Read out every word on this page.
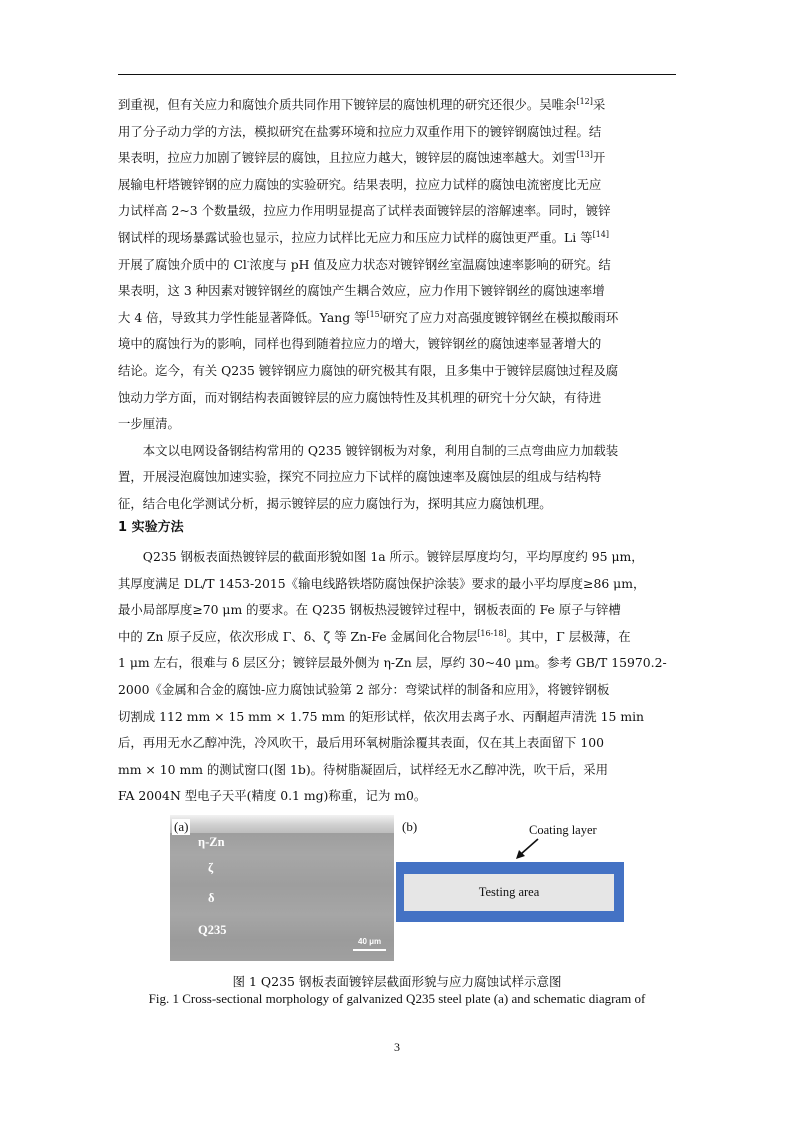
到重视，但有关应力和腐蚀介质共同作用下镀锌层的腐蚀机理的研究还很少。吴唯余[12]采

用了分子动力学的方法，模拟研究在盐雾环境和拉应力双重作用下的镀锌钢腐蚀过程。结

果表明，拉应力加剧了镀锌层的腐蚀，且拉应力越大，镀锌层的腐蚀速率越大。刘雪[13]开

展输电杆塔镀锌钢的应力腐蚀的实验研究。结果表明，拉应力试样的腐蚀电流密度比无应

力试样高 2~3 个数量级，拉应力作用明显提高了试样表面镀锌层的溶解速率。同时，镀锌

钢试样的现场暴露试验也显示，拉应力试样比无应力和压应力试样的腐蚀更严重。Li 等[14]

开展了腐蚀介质中的 Cl-浓度与 pH 值及应力状态对镀锌钢丝室温腐蚀速率影响的研究。结

果表明，这 3 种因素对镀锌钢丝的腐蚀产生耦合效应，应力作用下镀锌钢丝的腐蚀速率增

大 4 倍，导致其力学性能显著降低。Yang 等[15]研究了应力对高强度镀锌钢丝在模拟酸雨环

境中的腐蚀行为的影响，同样也得到随着拉应力的增大，镀锌钢丝的腐蚀速率显著增大的

结论。迄今，有关 Q235 镀锌钢应力腐蚀的研究极其有限，且多集中于镀锌层腐蚀过程及腐

蚀动力学方面，而对钢结构表面镀锌层的应力腐蚀特性及其机理的研究十分欠缺，有待进

一步厘清。

本文以电网设备钢结构常用的 Q235 镀锌钢板为对象，利用自制的三点弯曲应力加载装

置，开展浸泡腐蚀加速实验，探究不同拉应力下试样的腐蚀速率及腐蚀层的组成与结构特

征，结合电化学测试分析，揭示镀锌层的应力腐蚀行为，探明其应力腐蚀机理。

1 实验方法

Q235 钢板表面热镀锌层的截面形貌如图 1a 所示。镀锌层厚度均匀，平均厚度约 95 μm，

其厚度满足 DL/T 1453-2015《输电线路铁塔防腐蚀保护涂装》要求的最小平均厚度≥86 μm，

最小局部厚度≥70 μm 的要求。在 Q235 钢板热浸镀锌过程中，钢板表面的 Fe 原子与锌槽

中的 Zn 原子反应，依次形成 Γ、δ、ζ 等 Zn-Fe 金属间化合物层[16-18]。其中，Γ 层极薄，在

1 μm 左右，很难与 δ 层区分；镀锌层最外侧为 η-Zn 层，厚约 30~40 μm。参考 GB/T 15970.2-

2000《金属和合金的腐蚀-应力腐蚀试验第 2 部分：弯梁试样的制备和应用》，将镀锌钢板

切割成 112 mm × 15 mm × 1.75 mm 的矩形试样，依次用去离子水、丙酮超声清洗 15 min

后，再用无水乙醇冲洗，冷风吹干，最后用环氧树脂涂覆其表面，仅在其上表面留下 100

mm × 10 mm 的测试窗口(图 1b)。待树脂凝固后，试样经无水乙醇冲洗，吹干后，采用

FA 2004N 型电子天平(精度 0.1 mg)称重，记为 m0。

η-Zn
ζ
δ
Q235
40 μm
(a)	(b)	Coating layer
Testing area
图 1 Q235 钢板表面镀锌层截面形貌与应力腐蚀试样示意图
Fig. 1 Cross-sectional morphology of galvanized Q235 steel plate (a) and schematic diagram of
3
